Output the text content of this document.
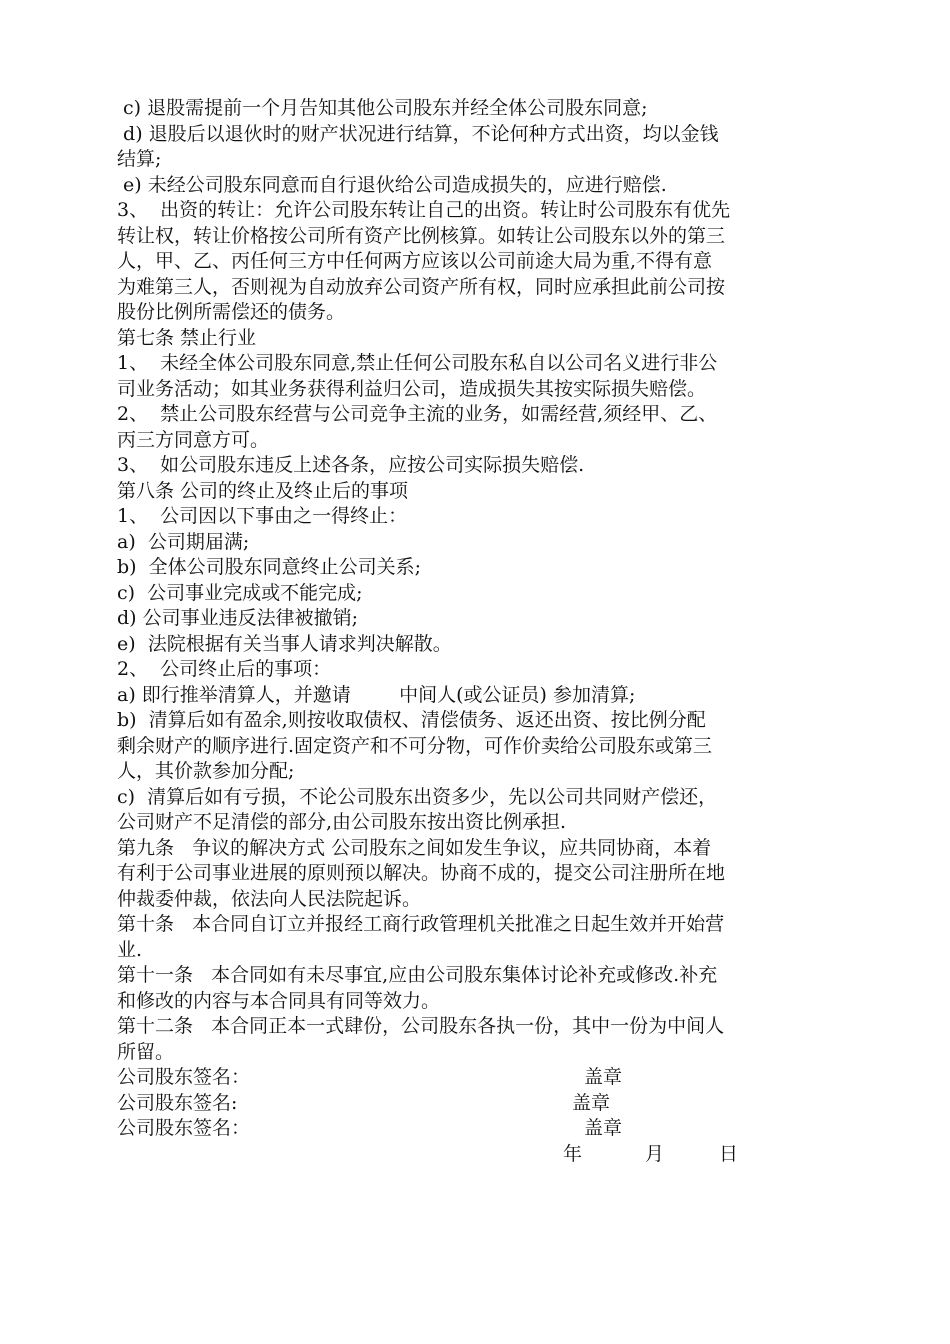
c) 退股需提前一个月告知其他公司股东并经全体公司股东同意;
d) 退股后以退伙时的财产状况进行结算，不论何种方式出资，均以金钱
结算;
e) 未经公司股东同意而自行退伙给公司造成损失的，应进行赔偿.
3、  出资的转让：允许公司股东转让自己的出资。转让时公司股东有优先
转让权，转让价格按公司所有资产比例核算。如转让公司股东以外的第三
人，甲、乙、丙任何三方中任何两方应该以公司前途大局为重,不得有意
为难第三人，否则视为自动放弃公司资产所有权，同时应承担此前公司按
股份比例所需偿还的债务。
第七条 禁止行业
1、  未经全体公司股东同意,禁止任何公司股东私自以公司名义进行非公
司业务活动；如其业务获得利益归公司，造成损失其按实际损失赔偿。
2、  禁止公司股东经营与公司竞争主流的业务，如需经营,须经甲、乙、
丙三方同意方可。
3、  如公司股东违反上述各条，应按公司实际损失赔偿.
第八条 公司的终止及终止后的事项
1、  公司因以下事由之一得终止：
a)  公司期届满;
b)  全体公司股东同意终止公司关系;
c)  公司事业完成或不能完成;
d) 公司事业违反法律被撤销;
e)  法院根据有关当事人请求判决解散。
2、  公司终止后的事项：
a) 即行推举清算人，并邀请        中间人(或公证员) 参加清算;
b)  清算后如有盈余,则按收取债权、清偿债务、返还出资、按比例分配
剩余财产的顺序进行.固定资产和不可分物，可作价卖给公司股东或第三
人，其价款参加分配;
c)  清算后如有亏损，不论公司股东出资多少，先以公司共同财产偿还，
公司财产不足清偿的部分,由公司股东按出资比例承担.
第九条   争议的解决方式 公司股东之间如发生争议，应共同协商，本着
有利于公司事业进展的原则预以解决。协商不成的，提交公司注册所在地
仲裁委仲裁，依法向人民法院起诉。
第十条   本合同自订立并报经工商行政管理机关批准之日起生效并开始营
业.
第十一条   本合同如有未尽事宜,应由公司股东集体讨论补充或修改.补充
和修改的内容与本合同具有同等效力。
第十二条   本合同正本一式肆份，公司股东各执一份，其中一份为中间人
所留。
公司股东签名：	盖章
公司股东签名:	盖章
公司股东签名：	盖章
年	月	日
